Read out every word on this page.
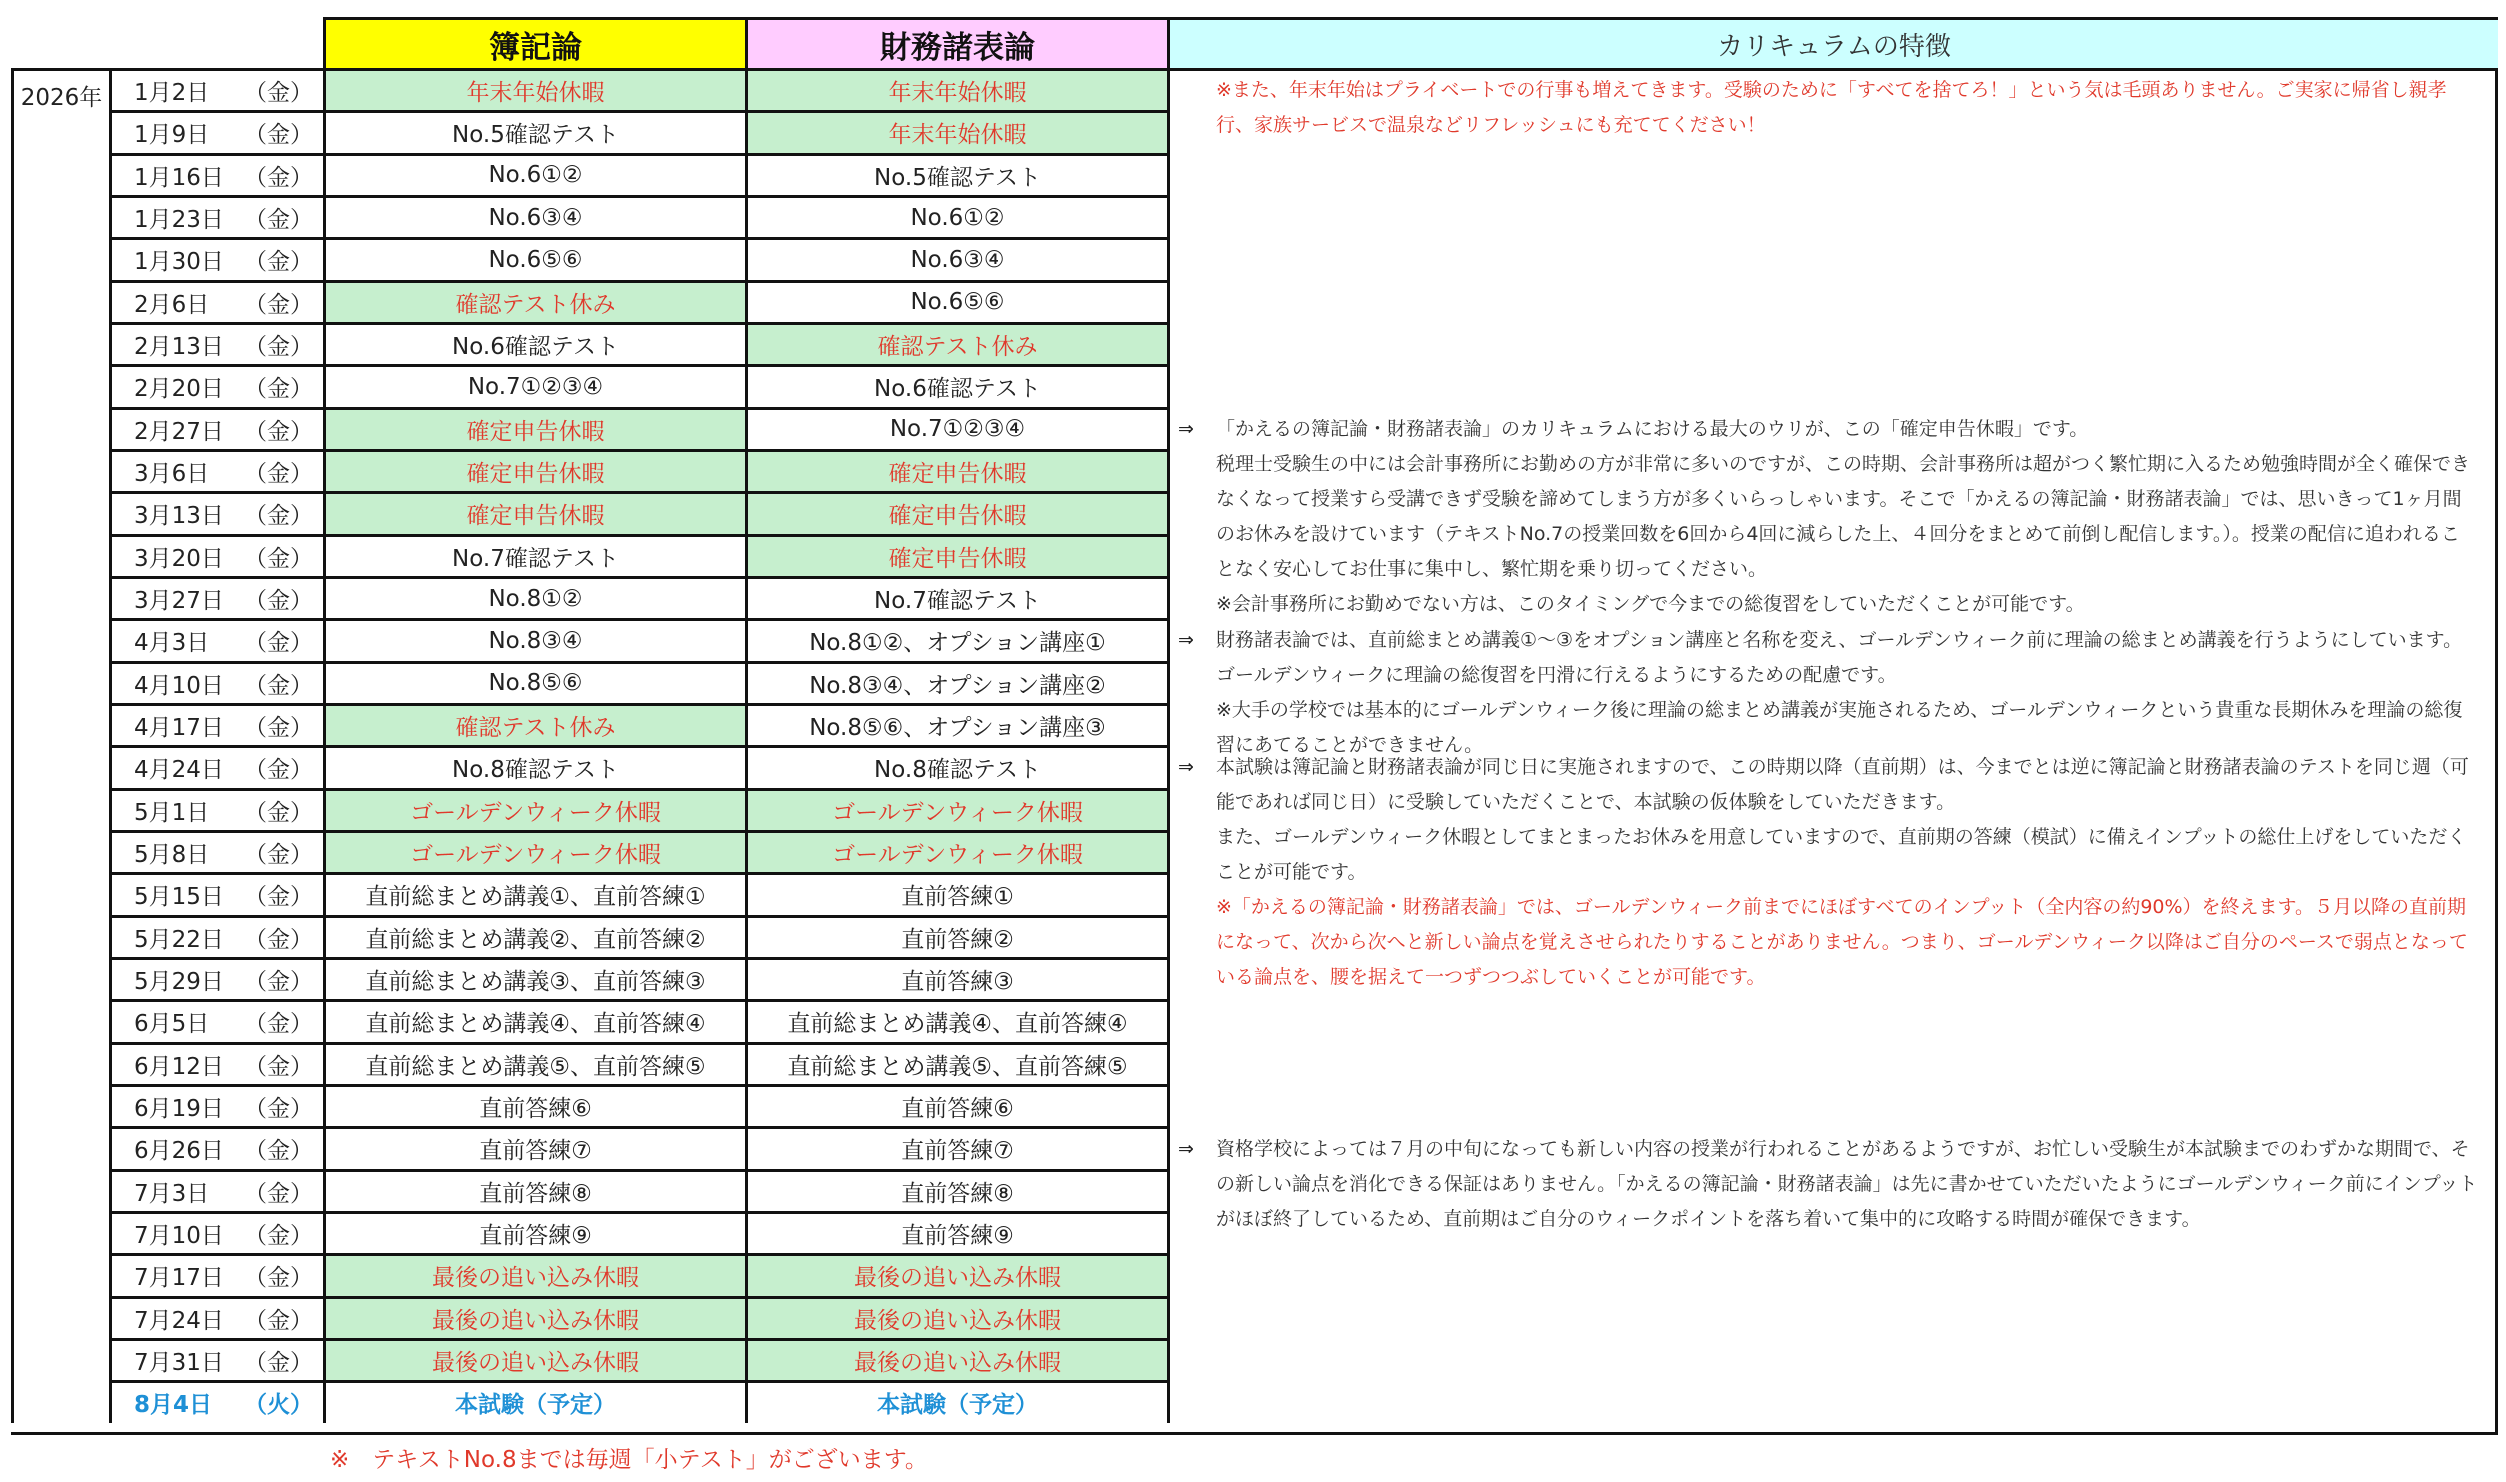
簿記論	財務諸表論	カリキュラムの特徴
2026年	※また、年末年始はプライベートでの行事も増えてきます。受験のために「すべてを捨てろ！」という気は毛頭ありません。ご実家に帰省し親孝行、家族サービスで温泉などリフレッシュにも充ててください！
⇒ 「かえるの簿記論・財務諸表論」のカリキュラムにおける最大のウリが、この「確定申告休暇」です。
税理士受験生の中には会計事務所にお勤めの方が非常に多いのですが、この時期、会計事務所は超がつく繁忙期に入るため勉強時間が全く確保できなくなって授業すら受講できず受験を諦めてしまう方が多くいらっしゃいます。そこで「かえるの簿記論・財務諸表論」では、思いきって1ヶ月間のお休みを設けています（テキストNo.7の授業回数を6回から4回に減らした上、４回分をまとめて前倒し配信します。）。授業の配信に追われることなく安心してお仕事に集中し、繁忙期を乗り切ってください。
※会計事務所にお勤めでない方は、このタイミングで今までの総復習をしていただくことが可能です。
⇒ 財務諸表論では、直前総まとめ講義①～③をオプション講座と名称を変え、ゴールデンウィーク前に理論の総まとめ講義を行うようにしています。ゴールデンウィークに理論の総復習を円滑に行えるようにするための配慮です。
※大手の学校では基本的にゴールデンウィーク後に理論の総まとめ講義が実施されるため、ゴールデンウィークという貴重な長期休みを理論の総復習にあてることができません。
⇒ 本試験は簿記論と財務諸表論が同じ日に実施されますので、この時期以降（直前期）は、今までとは逆に簿記論と財務諸表論のテストを同じ週（可能であれば同じ日）に受験していただくことで、本試験の仮体験をしていただきます。
また、ゴールデンウィーク休暇としてまとまったお休みを用意していますので、直前期の答練（模試）に備えインプットの総仕上げをしていただくことが可能です。
※「かえるの簿記論・財務諸表論」では、ゴールデンウィーク前までにほぼすべてのインプット（全内容の約90%）を終えます。５月以降の直前期になって、次から次へと新しい論点を覚えさせられたりすることがありません。つまり、ゴールデンウィーク以降はご自分のペースで弱点となっている論点を、腰を据えて一つずつつぶしていくことが可能です。
⇒ 資格学校によっては７月の中旬になっても新しい内容の授業が行われることがあるようですが、お忙しい受験生が本試験までのわずかな期間で、その新しい論点を消化できる保証はありません。「かえるの簿記論・財務諸表論」は先に書かせていただいたようにゴールデンウィーク前にインプットがほぼ終了しているため、直前期はご自分のウィークポイントを落ち着いて集中的に攻略する時間が確保できます。
1月2日	（金）	年末年始休暇	年末年始休暇
1月9日	（金）	No.5確認テスト	年末年始休暇
1月16日 （金）	No.6①②	No.5確認テスト
1月23日 （金）	No.6③④	No.6①②
1月30日 （金）	No.6⑤⑥	No.6③④
2月6日	（金）	確認テスト休み	No.6⑤⑥
2月13日 （金）	No.6確認テスト	確認テスト休み
2月20日 （金）	No.7①②③④	No.6確認テスト
2月27日 （金）	確定申告休暇	No.7①②③④
3月6日	（金）	確定申告休暇	確定申告休暇
3月13日 （金）	確定申告休暇	確定申告休暇
3月20日 （金）	No.7確認テスト	確定申告休暇
3月27日 （金）	No.8①②	No.7確認テスト
4月3日	（金）	No.8③④	No.8①②、オプション講座①
4月10日 （金）	No.8⑤⑥	No.8③④、オプション講座②
4月17日 （金）	確認テスト休み	No.8⑤⑥、オプション講座③
4月24日 （金）	No.8確認テスト	No.8確認テスト
5月1日	（金）	ゴールデンウィーク休暇	ゴールデンウィーク休暇
5月8日	（金）	ゴールデンウィーク休暇	ゴールデンウィーク休暇
5月15日 （金）	直前総まとめ講義①、直前答練①	直前答練①
5月22日 （金）	直前総まとめ講義②、直前答練②	直前答練②
5月29日 （金）	直前総まとめ講義③、直前答練③	直前答練③
6月5日	（金）	直前総まとめ講義④、直前答練④	直前総まとめ講義④、直前答練④
6月12日 （金）	直前総まとめ講義⑤、直前答練⑤	直前総まとめ講義⑤、直前答練⑤
6月19日 （金）	直前答練⑥	直前答練⑥
6月26日 （金）	直前答練⑦	直前答練⑦
7月3日	（金）	直前答練⑧	直前答練⑧
7月10日 （金）	直前答練⑨	直前答練⑨
7月17日 （金）	最後の追い込み休暇	最後の追い込み休暇
7月24日 （金）	最後の追い込み休暇	最後の追い込み休暇
7月31日 （金）	最後の追い込み休暇	最後の追い込み休暇
8月4日	（火）	本試験（予定）	本試験（予定）
※　テキストNo.8までは毎週「小テスト」がございます。
